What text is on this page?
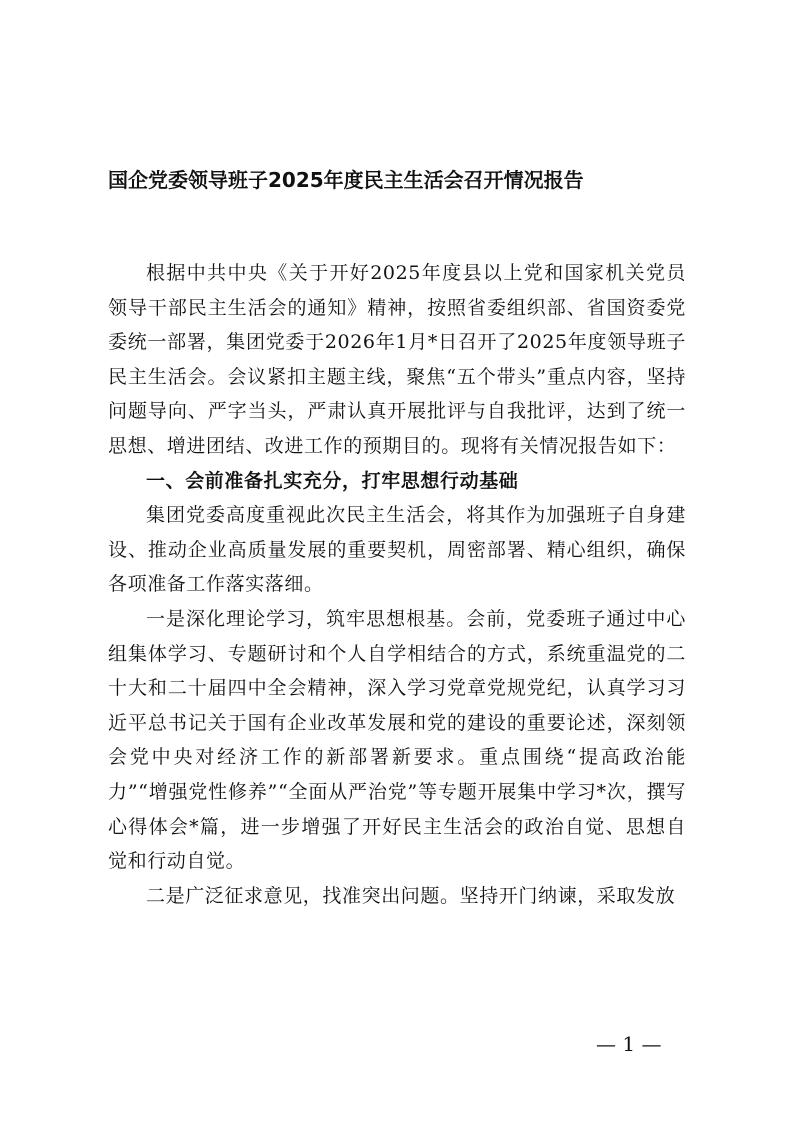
国企党委领导班子2025年度民主生活会召开情况报告

根据中共中央《关于开好2025年度县以上党和国家机关党员领导干部民主生活会的通知》精神，按照省委组织部、省国资委党委统一部署，集团党委于2026年1月*日召开了2025年度领导班子民主生活会。会议紧扣主题主线，聚焦“五个带头”重点内容，坚持问题导向、严字当头，严肃认真开展批评与自我批评，达到了统一思想、增进团结、改进工作的预期目的。现将有关情况报告如下：

一、会前准备扎实充分，打牢思想行动基础

集团党委高度重视此次民主生活会，将其作为加强班子自身建设、推动企业高质量发展的重要契机，周密部署、精心组织，确保各项准备工作落实落细。

一是深化理论学习，筑牢思想根基。会前，党委班子通过中心组集体学习、专题研讨和个人自学相结合的方式，系统重温党的二十大和二十届四中全会精神，深入学习党章党规党纪，认真学习习近平总书记关于国有企业改革发展和党的建设的重要论述，深刻领会党中央对经济工作的新部署新要求。重点围绕“提高政治能力”“增强党性修养”“全面从严治党”等专题开展集中学习*次，撰写心得体会*篇，进一步增强了开好民主生活会的政治自觉、思想自觉和行动自觉。

二是广泛征求意见，找准突出问题。坚持开门纳谏，采取发放

— 1 —
